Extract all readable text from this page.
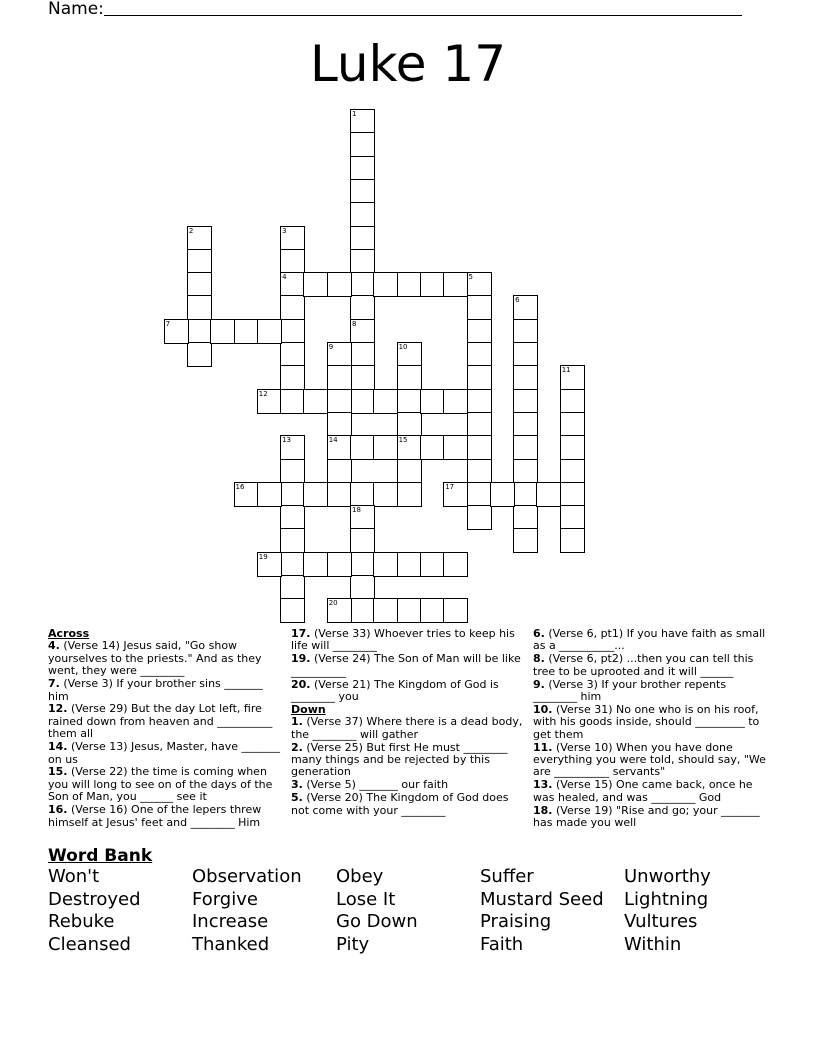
Name:
Luke 17
1
8
2	3
4	5
6
7
9
14
10
15
11
12
13
16	17
18
19
20
Across
4. (Verse 14) Jesus said, "Go show yourselves to the priests." And as they went, they were ________
7. (Verse 3) If your brother sins _______ him
12. (Verse 29) But the day Lot left, fire rained down from heaven and __________ them all
14. (Verse 13) Jesus, Master, have _______ on us
15. (Verse 22) the time is coming when you will long to see on of the days of the Son of Man, you ______ see it
16. (Verse 16) One of the lepers threw himself at Jesus' feet and ________ Him
17. (Verse 33) Whoever tries to keep his life will ________
19. (Verse 24) The Son of Man will be like __________
20. (Verse 21) The Kingdom of God is ________ you
Down
1. (Verse 37) Where there is a dead body, the ________ will gather
2. (Verse 25) But first He must ________ many things and be rejected by this generation
3. (Verse 5) _______ our faith
5. (Verse 20) The Kingdom of God does not come with your ________
6. (Verse 6, pt1) If you have faith as small as a __________...
8. (Verse 6, pt2) ...then you can tell this tree to be uprooted and it will ______
9. (Verse 3) If your brother repents ________ him
10. (Verse 31) No one who is on his roof, with his goods inside, should _________ to get them
11. (Verse 10) When you have done everything you were told, should say, "We are __________ servants"
13. (Verse 15) One came back, once he was healed, and was ________ God
18. (Verse 19) "Rise and go; your _______ has made you well
Word Bank
Won't	Observation	Obey	Suffer	Unworthy
Destroyed	Forgive	Lose It	Mustard Seed	Lightning
Rebuke	Increase	Go Down	Praising	Vultures
Cleansed	Thanked	Pity	Faith	Within
